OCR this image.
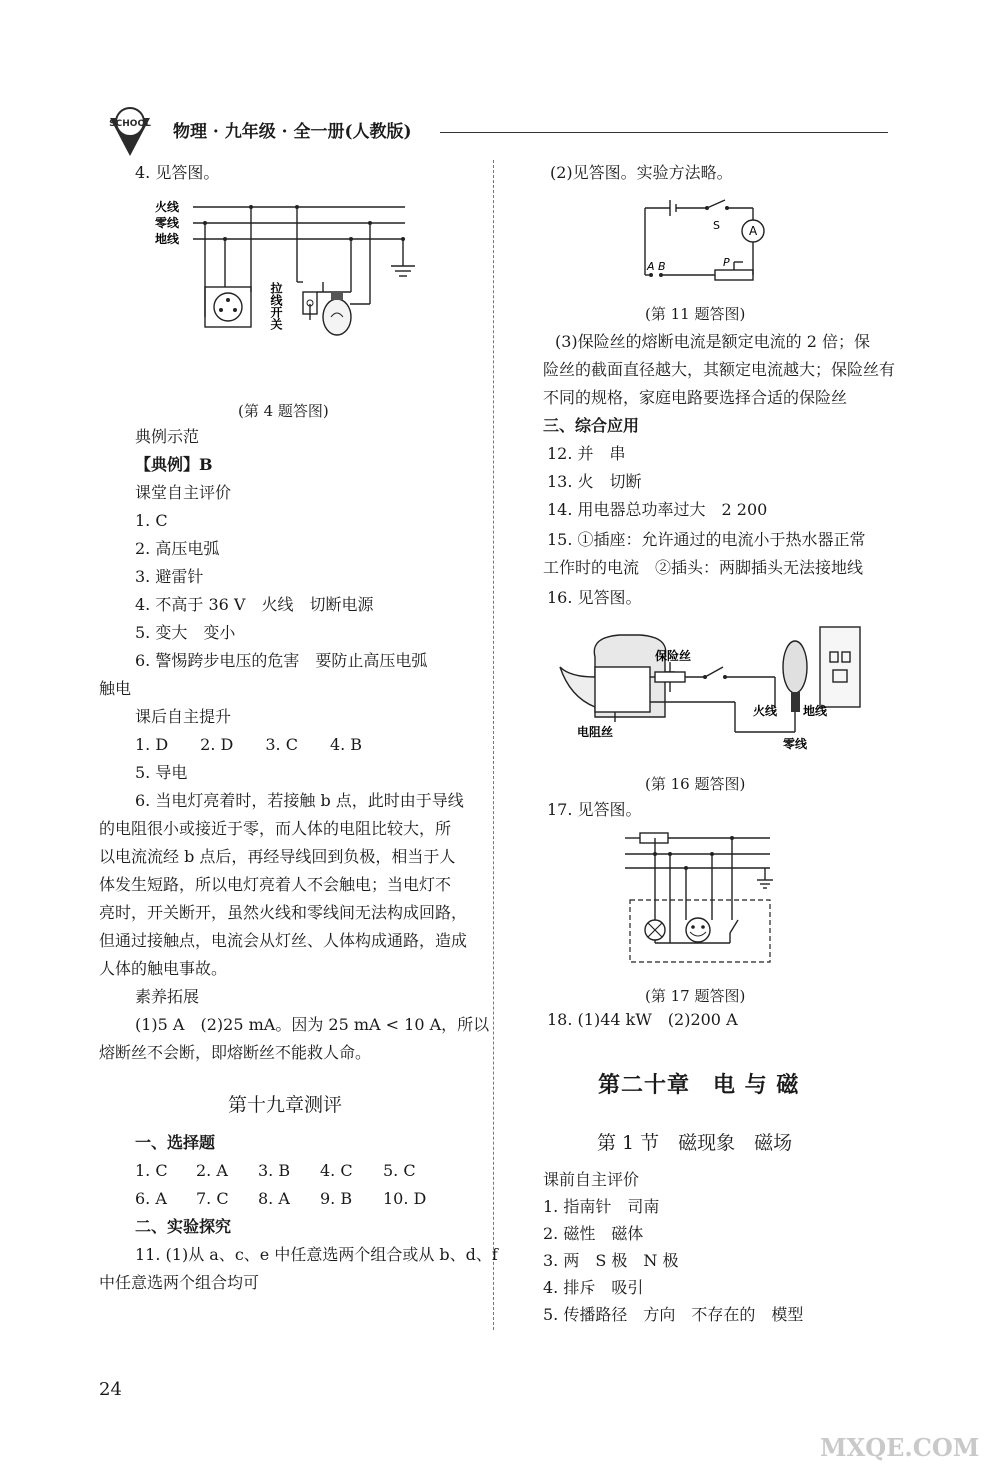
SCHOOL 物理 · 九年级 · 全一册(人教版)
4. 见答图。
火线
零线
地线
拉线开关
(第 4 题答图)
典例示范
【典例】B
课堂自主评价
1. C
2. 高压电弧
3. 避雷针
4. 不高于 36 V　火线　切断电源
5. 变大　变小
6. 警惕跨步电压的危害　要防止高压电弧
触电
课后自主提升
1. D　　2. D　　3. C　　4. B
5. 导电
6. 当电灯亮着时，若接触 b 点，此时由于导线
的电阻很小或接近于零，而人体的电阻比较大，所
以电流流经 b 点后，再经导线回到负极，相当于人
体发生短路，所以电灯亮着人不会触电；当电灯不
亮时，开关断开，虽然火线和零线间无法构成回路，
但通过接触点，电流会从灯丝、人体构成通路，造成
人体的触电事故。
素养拓展
(1)5 A　(2)25 mA。因为 25 mA < 10 A，所以
熔断丝不会断，即熔断丝不能救人命。
第十九章测评
一、选择题
1. C 2. A 3. B 4. C 5. C
6. A 7. C 8. A 9. B 10. D
二、实验探究
11. (1)从 a、c、e 中任意选两个组合或从 b、d、f
中任意选两个组合均可
(2)见答图。实验方法略。
A
S
A B	P
(第 11 题答图)
(3)保险丝的熔断电流是额定电流的 2 倍；保
险丝的截面直径越大，其额定电流越大；保险丝有
不同的规格，家庭电路要选择合适的保险丝
三、综合应用
12. 并　串
13. 火　切断
14. 用电器总功率过大　2 200
15. ①插座：允许通过的电流小于热水器正常
工作时的电流　②插头：两脚插头无法接地线
16. 见答图。
保险丝
火线 地线
电阻丝
零线
(第 16 题答图)
17. 见答图。
(第 17 题答图)
18. (1)44 kW　(2)200 A
第二十章　电 与 磁
第 1 节　磁现象　磁场
课前自主评价
1. 指南针　司南
2. 磁性　磁体
3. 两　S 极　N 极
4. 排斥　吸引
5. 传播路径　方向　不存在的　模型
24
MXQE.COM
